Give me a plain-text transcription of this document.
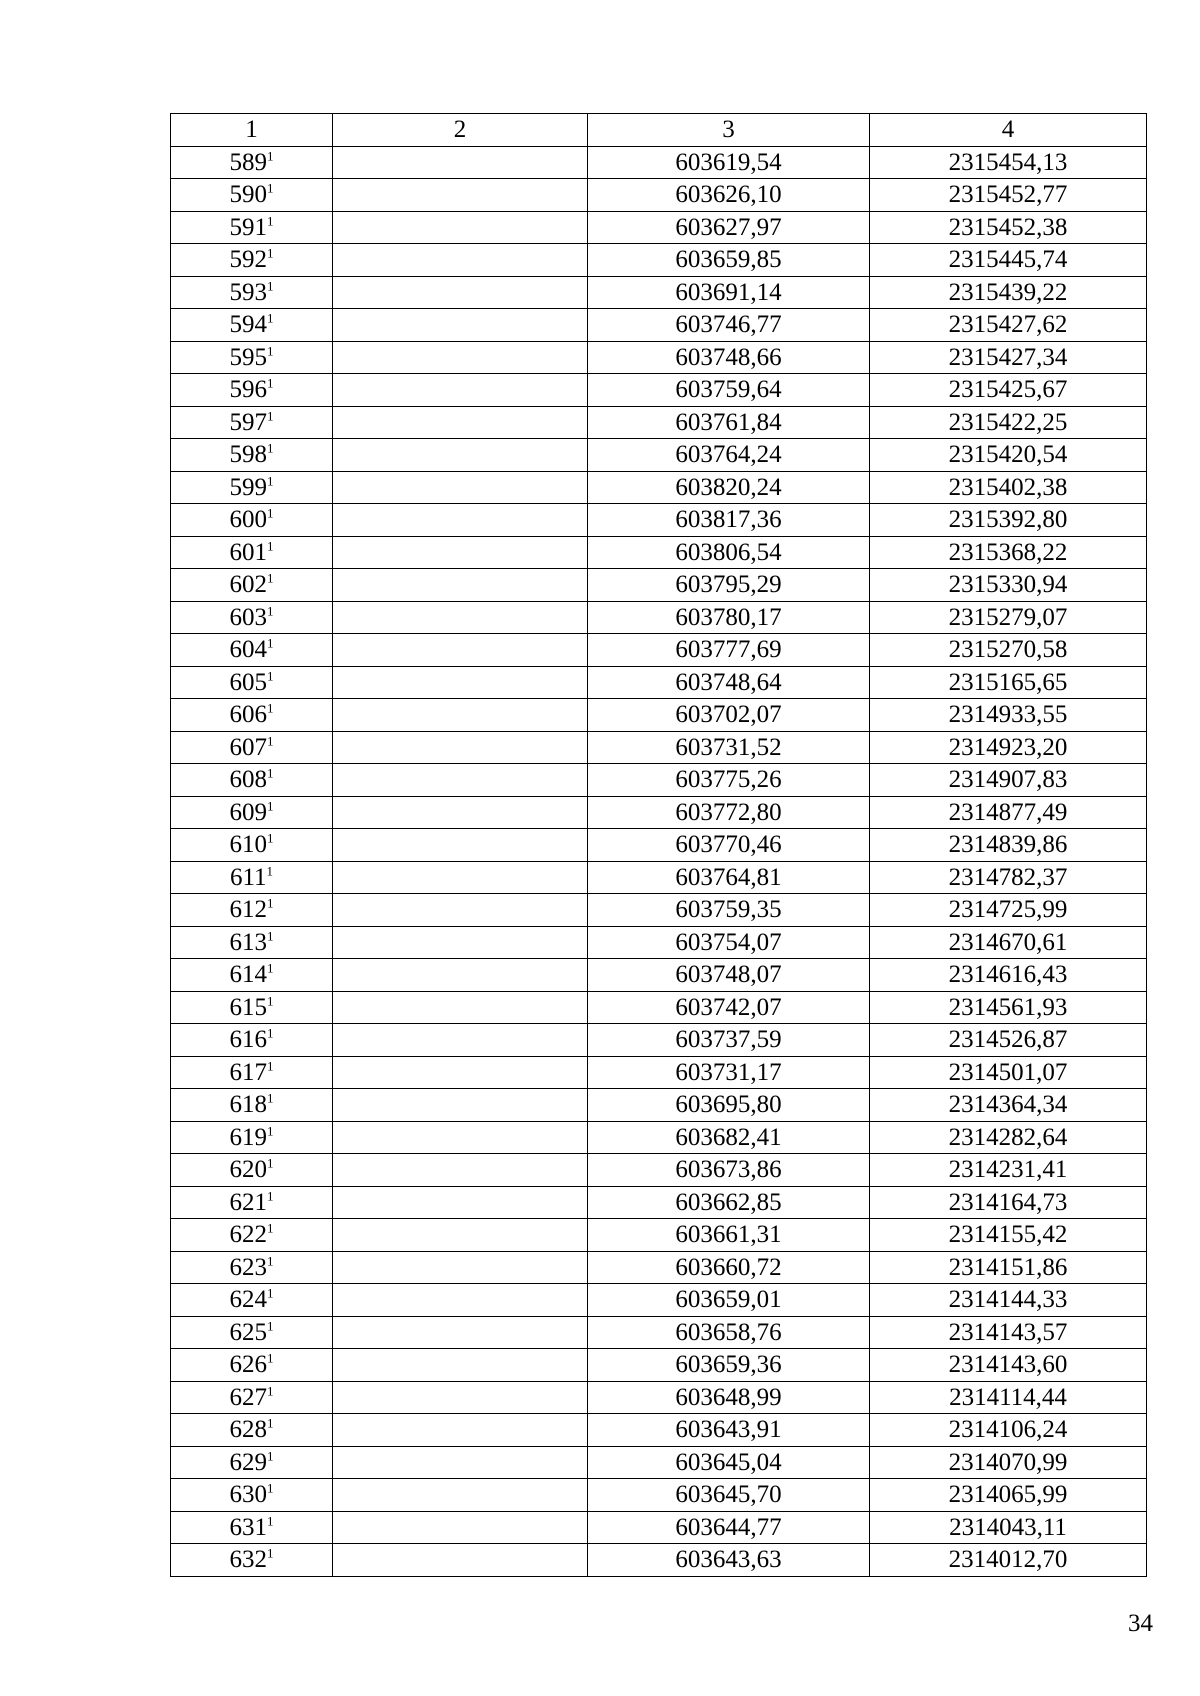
1	2	3	4
$589^1$		603619,54	2315454,13
$590^1$		603626,10	2315452,77
$591^1$		603627,97	2315452,38
$592^1$		603659,85	2315445,74
$593^1$		603691,14	2315439,22
$594^1$		603746,77	2315427,62
$595^1$		603748,66	2315427,34
$596^1$		603759,64	2315425,67
$597^1$		603761,84	2315422,25
$598^1$		603764,24	2315420,54
$599^1$		603820,24	2315402,38
$600^1$		603817,36	2315392,80
$601^1$		603806,54	2315368,22
$602^1$		603795,29	2315330,94
$603^1$		603780,17	2315279,07
$604^1$		603777,69	2315270,58
$605^1$		603748,64	2315165,65
$606^1$		603702,07	2314933,55
$607^1$		603731,52	2314923,20
$608^1$		603775,26	2314907,83
$609^1$		603772,80	2314877,49
$610^1$		603770,46	2314839,86
$611^1$		603764,81	2314782,37
$612^1$		603759,35	2314725,99
$613^1$		603754,07	2314670,61
$614^1$		603748,07	2314616,43
$615^1$		603742,07	2314561,93
$616^1$		603737,59	2314526,87
$617^1$		603731,17	2314501,07
$618^1$		603695,80	2314364,34
$619^1$		603682,41	2314282,64
$620^1$		603673,86	2314231,41
$621^1$		603662,85	2314164,73
$622^1$		603661,31	2314155,42
$623^1$		603660,72	2314151,86
$624^1$		603659,01	2314144,33
$625^1$		603658,76	2314143,57
$626^1$		603659,36	2314143,60
$627^1$		603648,99	2314114,44
$628^1$		603643,91	2314106,24
$629^1$		603645,04	2314070,99
$630^1$		603645,70	2314065,99
$631^1$		603644,77	2314043,11
$632^1$		603643,63	2314012,70
34
